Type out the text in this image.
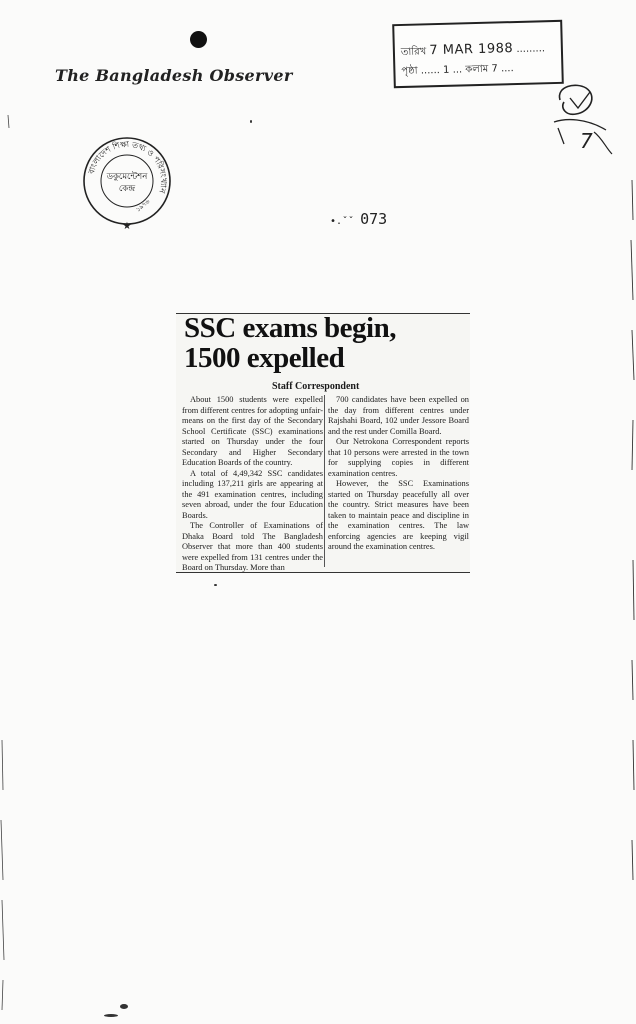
The Bangladesh Observer
তারিখ 7 MAR 1988 .........
পৃষ্ঠা ...... 1 ... কলাম 7 ....
7
বাংলাদেশ শিক্ষা তথ্য ও পরিসংখ্যান
ডকুমেন্টেশন
কেন্দ্র
১৯৭৬
★	•.ˇˇ 073
SSC exams begin,
1500 expelled
Staff Correspondent

About 1500 students were expelled from different centres for adopting unfair-means on the first day of the Secondary School Certificate (SSC) examinations started on Thursday under the four Secondary and Higher Secondary Education Boards of the country.

A total of 4,49,342 SSC candidates including 137,211 girls are appearing at the 491 examination centres, including seven abroad, under the four Education Boards.

The Controller of Examinations of Dhaka Board told The Bangladesh Observer that more than 400 students were expelled from 131 centres under the Board on Thursday. More than

700 candidates have been expelled on the day from different centres under Rajshahi Board, 102 under Jessore Board and the rest under Comilla Board.

Our Netrokona Correspondent reports that 10 persons were arrested in the town for supplying copies in different examination centres.

However, the SSC Examinations started on Thursday peacefully all over the country. Strict measures have been taken to maintain peace and discipline in the examination centres. The law enforcing agencies are keeping vigil around the examination centres.
